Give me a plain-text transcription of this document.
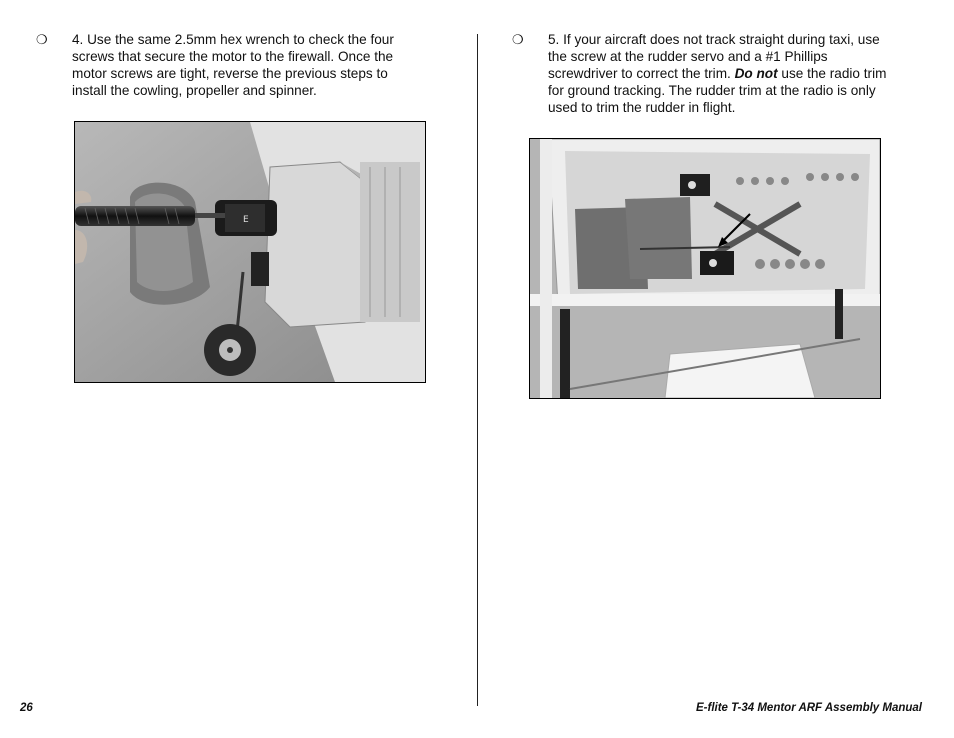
❍	4. Use the same 2.5mm hex wrench to check the four screws that secure the motor to the firewall. Once the motor screws are tight, reverse the previous steps to install the cowling, propeller and spinner.
E
❍	5. If your aircraft does not track straight during taxi, use the screw at the rudder servo and a #1 Phillips screwdriver to correct the trim. Do not use the radio trim for ground tracking. The rudder trim at the radio is only used to trim the rudder in flight.
26	E-flite T-34 Mentor ARF Assembly Manual
